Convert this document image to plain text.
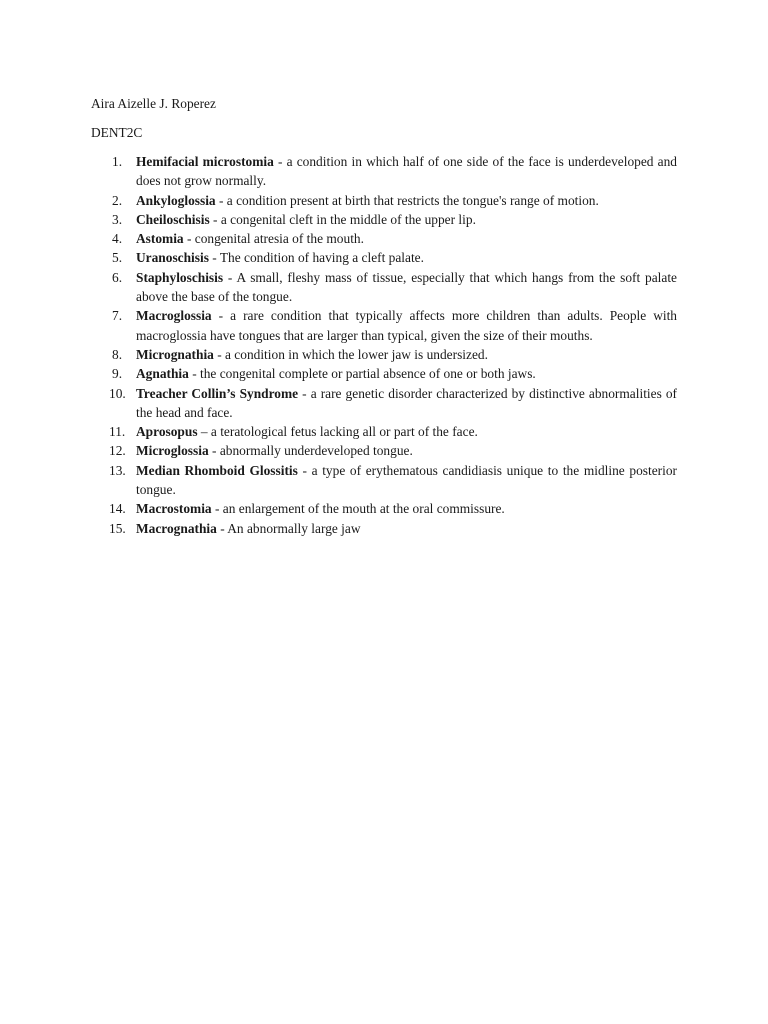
Aira Aizelle J. Roperez
DENT2C
1.	Hemifacial microstomia - a condition in which half of one side of the face is underdeveloped and does not grow normally.
2.	Ankyloglossia - a condition present at birth that restricts the tongue's range of motion.
3.	Cheiloschisis - a congenital cleft in the middle of the upper lip.
4.	Astomia - congenital atresia of the mouth.
5.	Uranoschisis - The condition of having a cleft palate.
6.	Staphyloschisis - A small, fleshy mass of tissue, especially that which hangs from the soft palate above the base of the tongue.
7.	Macroglossia - a rare condition that typically affects more children than adults. People with macroglossia have tongues that are larger than typical, given the size of their mouths.
8.	Micrognathia - a condition in which the lower jaw is undersized.
9.	Agnathia - the congenital complete or partial absence of one or both jaws.
10. Treacher Collin’s Syndrome - a rare genetic disorder characterized by distinctive abnormalities of the head and face.
11. Aprosopus – a teratological fetus lacking all or part of the face.
12. Microglossia - abnormally underdeveloped tongue.
13. Median Rhomboid Glossitis - a type of erythematous candidiasis unique to the midline posterior tongue.
14. Macrostomia - an enlargement of the mouth at the oral commissure.
15. Macrognathia - An abnormally large jaw
